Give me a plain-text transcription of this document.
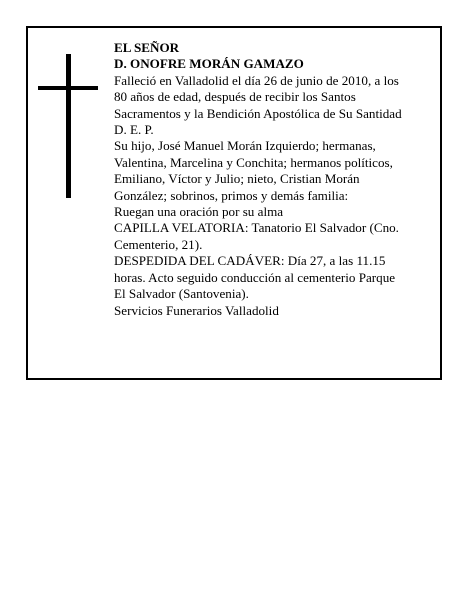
EL SEÑOR
D. ONOFRE MORÁN GAMAZO
Falleció en Valladolid el día 26 de junio de 2010, a los
80 años de edad, después de recibir los Santos
Sacramentos y la Bendición Apostólica de Su Santidad
D. E. P.
Su hijo, José Manuel Morán Izquierdo; hermanas,
Valentina, Marcelina y Conchita; hermanos políticos,
Emiliano, Víctor y Julio; nieto, Cristian Morán
González; sobrinos, primos y demás familia:
Ruegan una oración por su alma
CAPILLA VELATORIA: Tanatorio El Salvador (Cno.
Cementerio, 21).
DESPEDIDA DEL CADÁVER: Día 27, a las 11.15
horas. Acto seguido conducción al cementerio Parque
El Salvador (Santovenia).
Servicios Funerarios Valladolid
